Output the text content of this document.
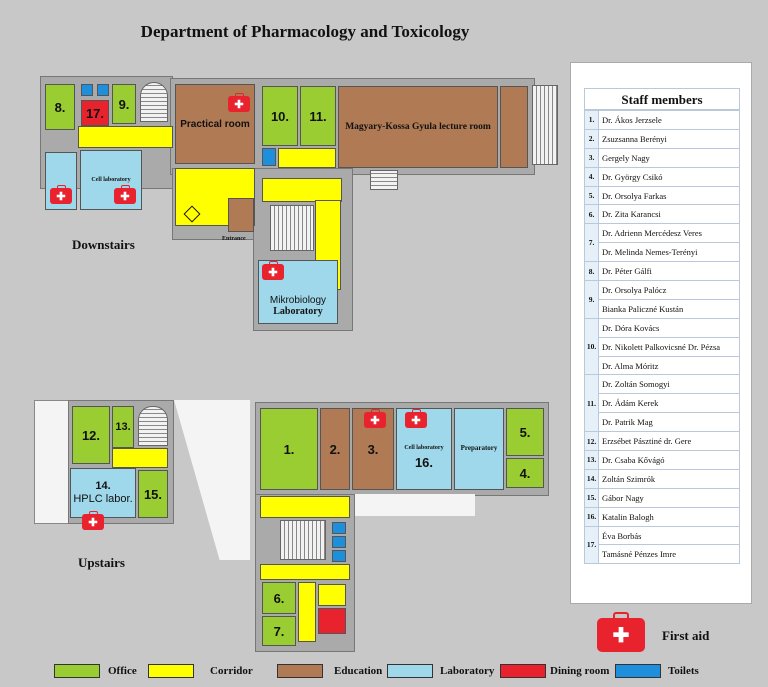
Department of Pharmacology and Toxicology
8. 17.
9.
Cell laboratory
Practical room
Entrance
10. 11.
Magyary-Kossa Gyula lecture room
Mikrobiology
Laboratory
✚
✚	✚
✚
Downstairs
12.
13.
14.
HPLC labor. 15.
✚
1.	2. 3.	Cell laboratory
16.
Preparatory
5.
4.
✚	✚
6.
7.
Upstairs
1.	Dr. Ákos Jerzsele
2.	Zsuzsanna Berényi
3.	Gergely Nagy
4.	Dr. György Csikó
5.	Dr. Orsolya Farkas
6.	Dr. Zita Karancsi
7.	Dr. Adrienn Mercédesz Veres
	Dr. Melinda Nemes-Terényi
8.	Dr. Péter Gálfi
9.	Dr. Orsolya Palócz
	Bianka Paliczné Kustán
10.	Dr. Dóra Kovács
	Dr. Nikolett Palkovicsné Dr. Pézsa
	Dr. Alma Móritz
11.	Dr. Zoltán Somogyi
	Dr. Ádám Kerek
	Dr. Patrik Mag
12.	Erzsébet Pásztiné dr. Gere
13.	Dr. Csaba Kővágó
14.	Zoltán Szimrók
15.	Gábor Nagy
16.	Katalin Balogh
17.	Éva Borbás
	Tamásné Pénzes Imre
Staff members
✚	First aid
Office	Corridor	Education	Laboratory	Dining room	Toilets
